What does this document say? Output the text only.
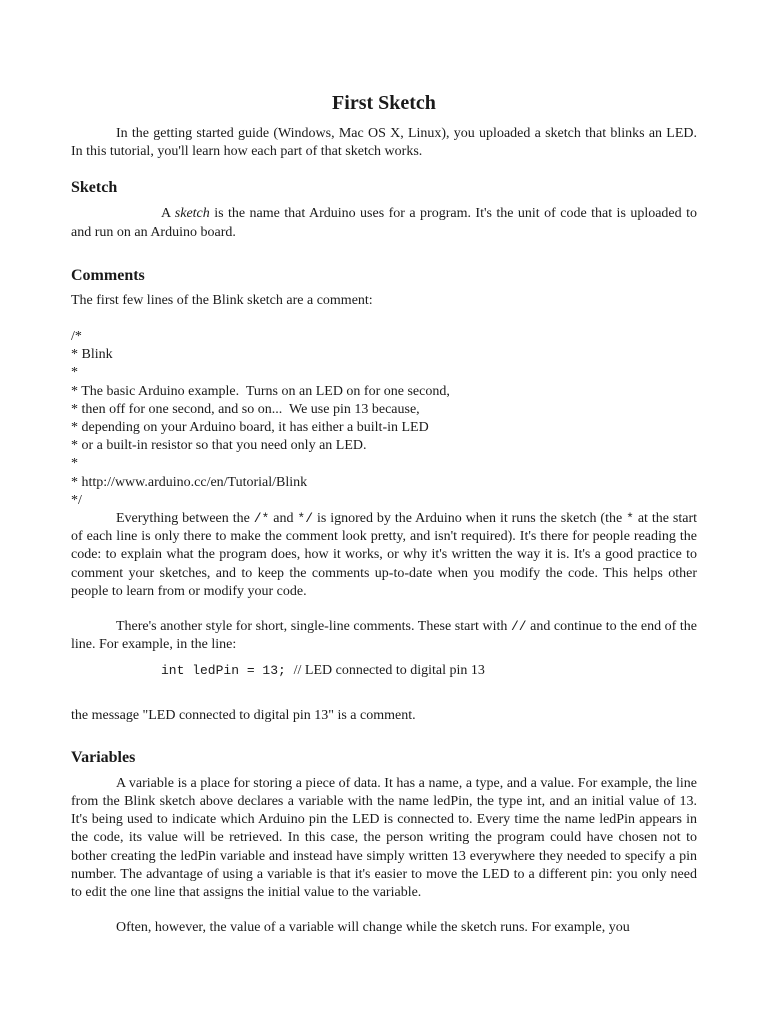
First Sketch

In the getting started guide (Windows, Mac OS X, Linux), you uploaded a sketch that blinks an LED. In this tutorial, you'll learn how each part of that sketch works.

Sketch

A sketch is the name that Arduino uses for a program. It's the unit of code that is uploaded to and run on an Arduino board.

Comments

The first few lines of the Blink sketch are a comment:

/*
* Blink
*
* The basic Arduino example.  Turns on an LED on for one second,
* then off for one second, and so on...  We use pin 13 because,
* depending on your Arduino board, it has either a built-in LED
* or a built-in resistor so that you need only an LED.
*
* http://www.arduino.cc/en/Tutorial/Blink
*/

Everything between the /* and */ is ignored by the Arduino when it runs the sketch (the * at the start of each line is only there to make the comment look pretty, and isn't required). It's there for people reading the code: to explain what the program does, how it works, or why it's written the way it is. It's a good practice to comment your sketches, and to keep the comments up-to-date when you modify the code. This helps other people to learn from or modify your code.

There's another style for short, single-line comments. These start with // and continue to the end of the line. For example, in the line:

int ledPin = 13; // LED connected to digital pin 13

the message "LED connected to digital pin 13" is a comment.

Variables

A variable is a place for storing a piece of data. It has a name, a type, and a value. For example, the line from the Blink sketch above declares a variable with the name ledPin, the type int, and an initial value of 13. It's being used to indicate which Arduino pin the LED is connected to. Every time the name ledPin appears in the code, its value will be retrieved. In this case, the person writing the program could have chosen not to bother creating the ledPin variable and instead have simply written 13 everywhere they needed to specify a pin number. The advantage of using a variable is that it's easier to move the LED to a different pin: you only need to edit the one line that assigns the initial value to the variable.

Often, however, the value of a variable will change while the sketch runs. For example, you
